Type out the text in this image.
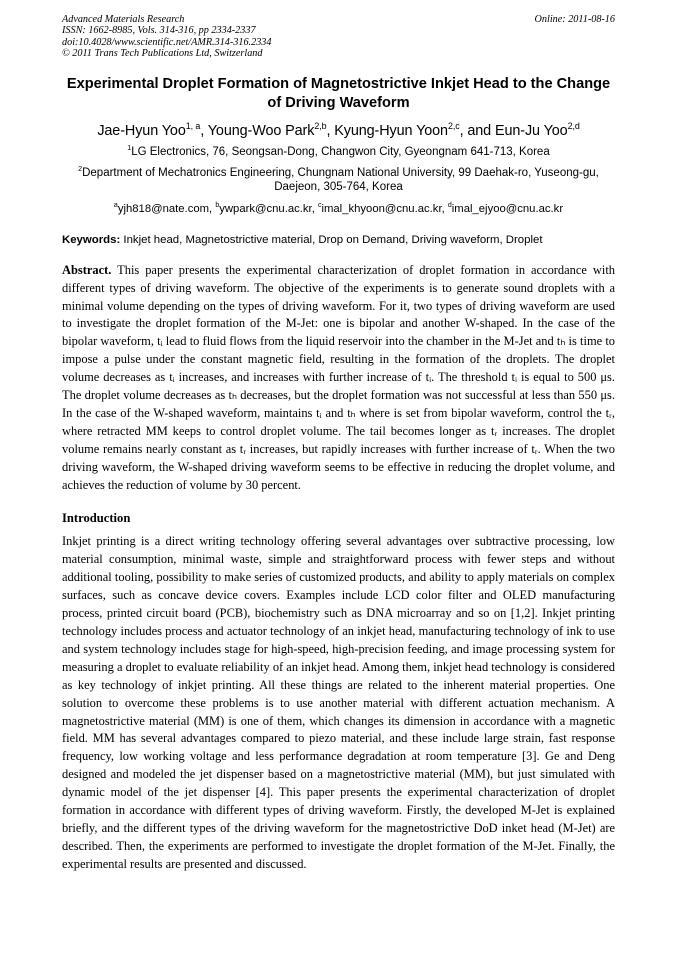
Advanced Materials Research
ISSN: 1662-8985, Vols. 314-316, pp 2334-2337
doi:10.4028/www.scientific.net/AMR.314-316.2334
© 2011 Trans Tech Publications Ltd, Switzerland
Online: 2011-08-16
Experimental Droplet Formation of Magnetostrictive Inkjet Head to the Change of Driving Waveform
Jae-Hyun Yoo$^{1, a}$, Young-Woo Park$^{2,b}$, Kyung-Hyun Yoon$^{2,c}$, and Eun-Ju Yoo$^{2,d}$
$^1$LG Electronics, 76, Seongsan-Dong, Changwon City, Gyeongnam 641-713, Korea
$^2$Department of Mechatronics Engineering, Chungnam National University, 99 Daehak-ro, Yuseong-gu, Daejeon, 305-764, Korea
$^a$yjh818@nate.com, $^b$ywpark@cnu.ac.kr, $^c$imal_khyoon@cnu.ac.kr, $^d$imal_ejyoo@cnu.ac.kr
Keywords: Inkjet head, Magnetostrictive material, Drop on Demand, Driving waveform, Droplet
Abstract. This paper presents the experimental characterization of droplet formation in accordance with different types of driving waveform. The objective of the experiments is to generate sound droplets with a minimal volume depending on the types of driving waveform. For it, two types of driving waveform are used to investigate the droplet formation of the M-Jet: one is bipolar and another W-shaped. In the case of the bipolar waveform, tᵢ lead to fluid flows from the liquid reservoir into the chamber in the M-Jet and tₕ is time to impose a pulse under the constant magnetic field, resulting in the formation of the droplets. The droplet volume decreases as tᵢ increases, and increases with further increase of tᵢ. The threshold tᵢ is equal to 500 μs. The droplet volume decreases as tₕ decreases, but the droplet formation was not successful at less than 550 μs. In the case of the W-shaped waveform, maintains tᵢ and tₕ where is set from bipolar waveform, control the tᵣ, where retracted MM keeps to control droplet volume. The tail becomes longer as tᵣ increases. The droplet volume remains nearly constant as tᵣ increases, but rapidly increases with further increase of tᵣ. When the two driving waveform, the W-shaped driving waveform seems to be effective in reducing the droplet volume, and achieves the reduction of volume by 30 percent.
Introduction
Inkjet printing is a direct writing technology offering several advantages over subtractive processing, low material consumption, minimal waste, simple and straightforward process with fewer steps and without additional tooling, possibility to make series of customized products, and ability to apply materials on complex surfaces, such as concave device covers. Examples include LCD color filter and OLED manufacturing process, printed circuit board (PCB), biochemistry such as DNA microarray and so on [1,2]. Inkjet printing technology includes process and actuator technology of an inkjet head, manufacturing technology of ink to use and system technology includes stage for high-speed, high-precision feeding, and image processing system for measuring a droplet to evaluate reliability of an inkjet head. Among them, inkjet head technology is considered as key technology of inkjet printing. All these things are related to the inherent material properties. One solution to overcome these problems is to use another material with different actuation mechanism. A magnetostrictive material (MM) is one of them, which changes its dimension in accordance with a magnetic field. MM has several advantages compared to piezo material, and these include large strain, fast response frequency, low working voltage and less performance degradation at room temperature [3]. Ge and Deng designed and modeled the jet dispenser based on a magnetostrictive material (MM), but just simulated with dynamic model of the jet dispenser [4]. This paper presents the experimental characterization of droplet formation in accordance with different types of driving waveform. Firstly, the developed M-Jet is explained briefly, and the different types of the driving waveform for the magnetostrictive DoD inket head (M-Jet) are described. Then, the experiments are performed to investigate the droplet formation of the M-Jet. Finally, the experimental results are presented and discussed.
